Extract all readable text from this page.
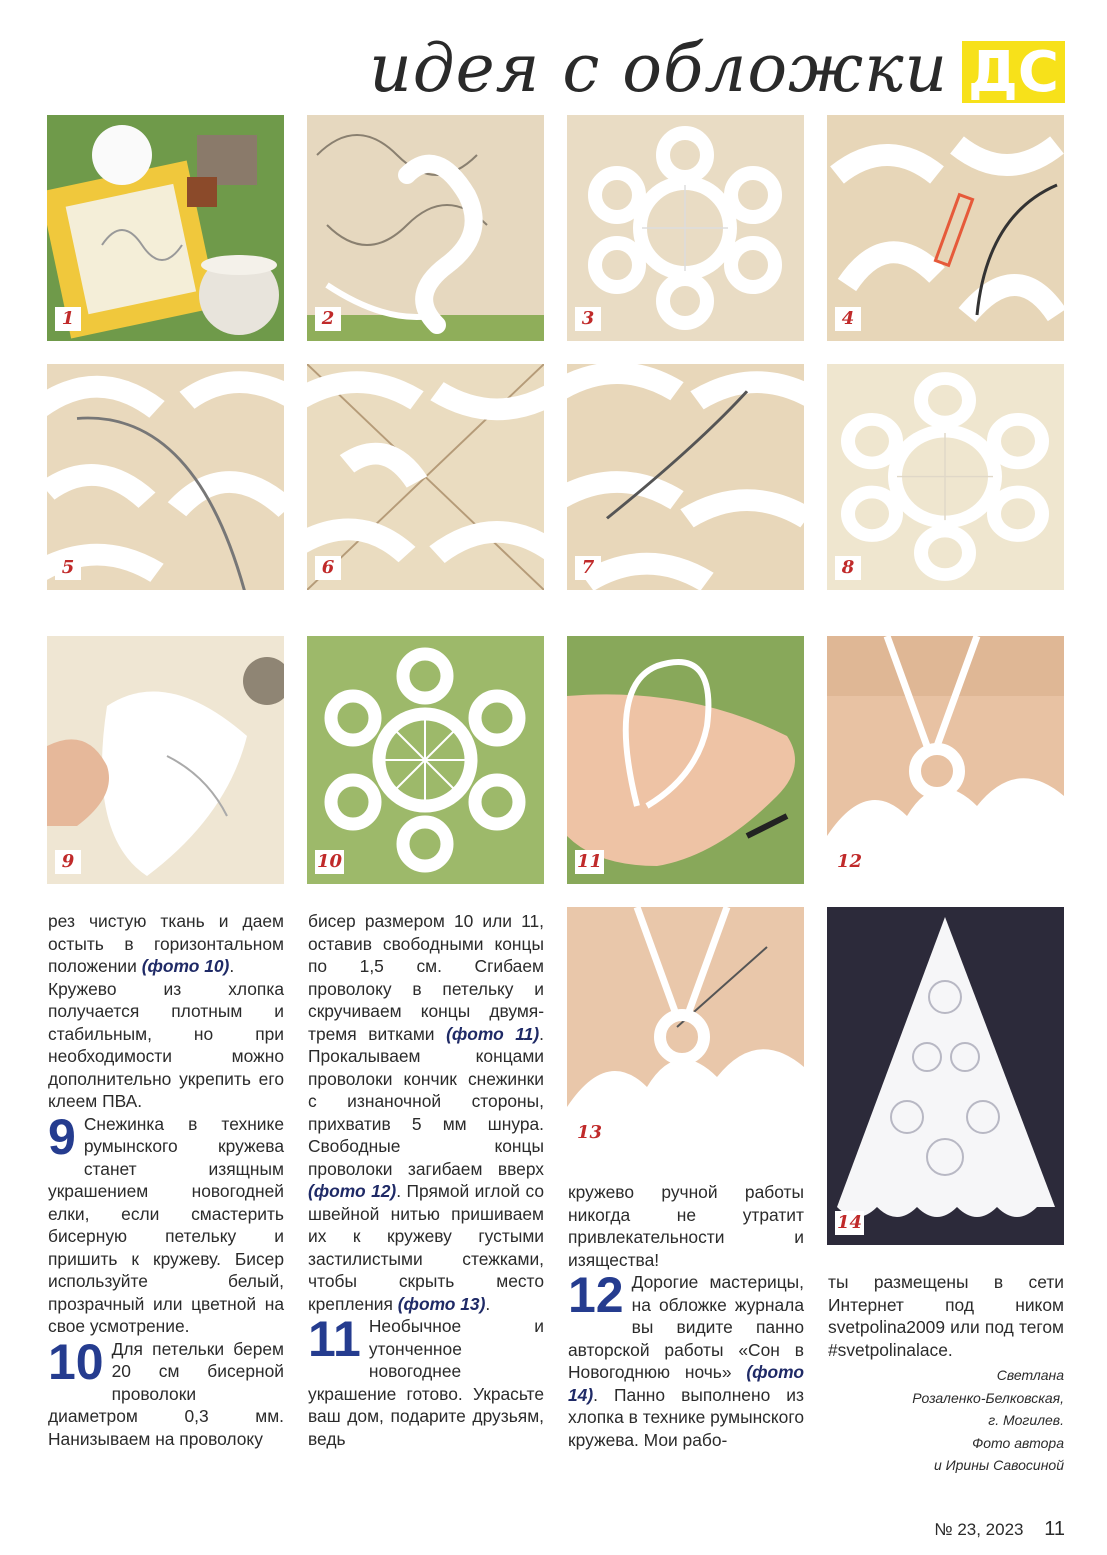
идея с обложки ДС
1	2	3	4
5	6	7	8
9	10	11	12
13
14

рез чистую ткань и даем остыть в горизонтальном положении (фото 10).

Кружево из хлопка получается плотным и стабильным, но при необходимости можно дополнительно укрепить его клеем ПВА.

9 Снежинка в технике румынского кружева станет изящным украшением новогодней елки, если смастерить бисерную петельку и пришить к кружеву. Бисер используйте белый, прозрачный или цветной на свое усмотрение.

10 Для петельки берем 20 см бисерной проволоки диаметром 0,3 мм. Нанизываем на проволоку

бисер размером 10 или 11, оставив свободными концы по 1,5 см. Сгибаем проволоку в петельку и скручиваем концы двумя-тремя витками (фото 11). Прокалываем концами проволоки кончик снежинки с изнаночной стороны, прихватив 5 мм шнура. Свободные концы проволоки загибаем вверх (фото 12). Прямой иглой со швейной нитью пришиваем их к кружеву густыми застилистыми стежками, чтобы скрыть место крепления (фото 13).

11 Необычное и утонченное новогоднее украшение готово. Украсьте ваш дом, подарите друзьям, ведь

кружево ручной работы никогда не утратит привлекательности и изящества!

12 Дорогие мастерицы, на обложке журнала вы видите панно авторской работы «Сон в Новогоднюю ночь» (фото 14). Панно выполнено из хлопка в технике румынского кружева. Мои рабо-

ты размещены в сети Интернет под ником svetpolina2009 или под тегом #svetpolinalace.

Светлана
Розаленко-Белковская,
г. Могилев.
Фото автора
и Ирины Савосиной
№ 23, 2023 11
